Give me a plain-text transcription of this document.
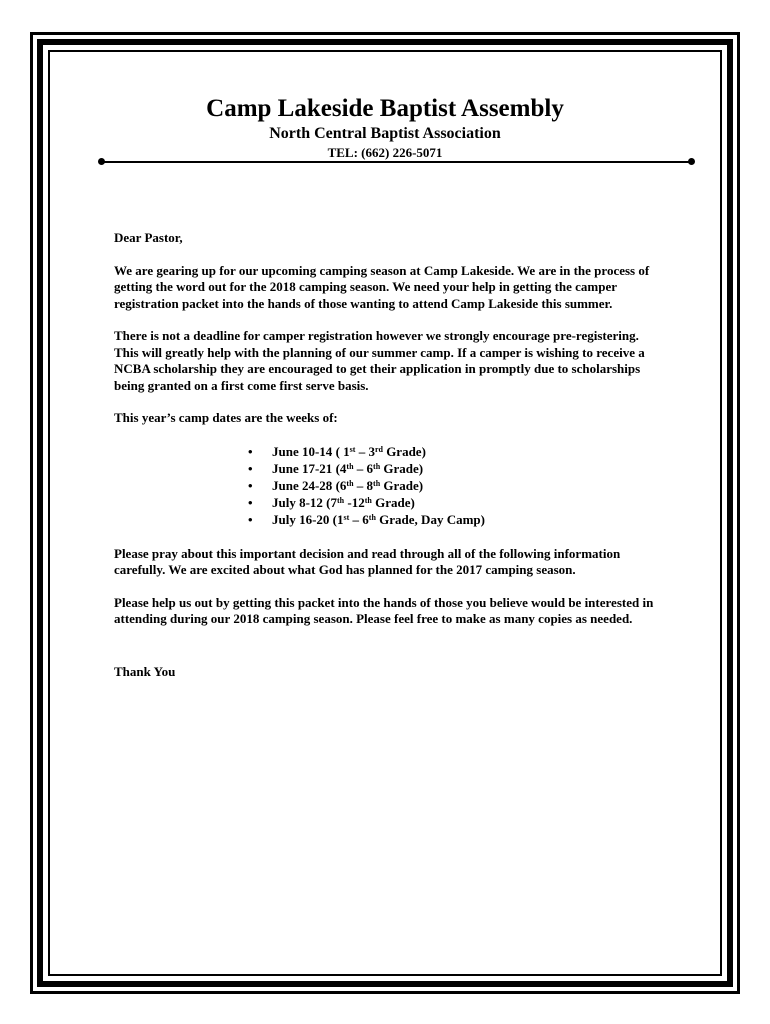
Camp Lakeside Baptist Assembly
North Central Baptist Association
TEL: (662) 226-5071

Dear Pastor,

We are gearing up for our upcoming camping season at Camp Lakeside. We are in the process of getting the word out for the 2018 camping season. We need your help in getting the camper registration packet into the hands of those wanting to attend Camp Lakeside this summer.

There is not a deadline for camper registration however we strongly encourage pre-registering. This will greatly help with the planning of our summer camp. If a camper is wishing to receive a NCBA scholarship they are encouraged to get their application in promptly due to scholarships being granted on a first come first serve basis.

This year’s camp dates are the weeks of:

• June 10-14 ( 1st – 3rd Grade)
• June 17-21 (4th – 6th Grade)
• June 24-28 (6th – 8th Grade)
• July 8-12 (7th -12th Grade)
• July 16-20 (1st – 6th Grade, Day Camp)

Please pray about this important decision and read through all of the following information carefully. We are excited about what God has planned for the 2017 camping season.

Please help us out by getting this packet into the hands of those you believe would be interested in attending during our 2018 camping season. Please feel free to make as many copies as needed.

Thank You
